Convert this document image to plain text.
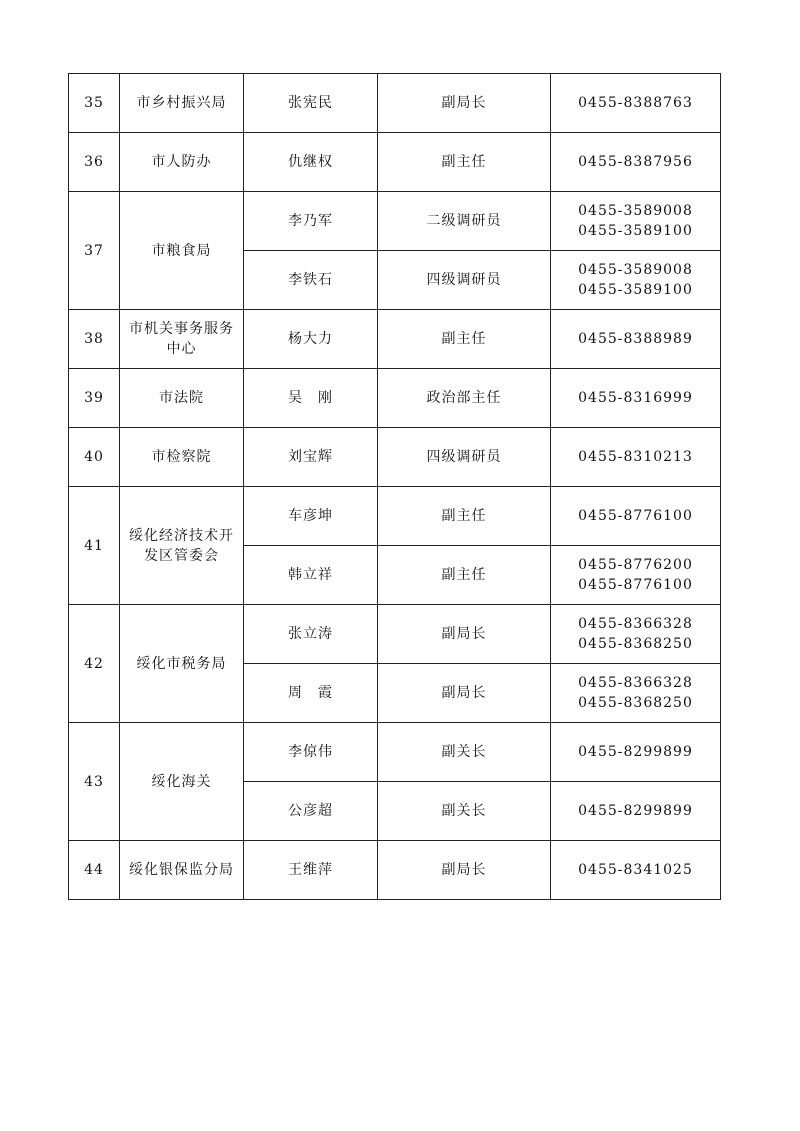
35	市乡村振兴局	张宪民	副局长	0455-8388763

36	市人防办	仇继权	副主任	0455-8387956

37	市粮食局	李乃军	二级调研员	0455-3589008
0455-3589100

		李铁石	四级调研员	0455-3589008
0455-3589100

38	市机关事务服务中心	杨大力	副主任	0455-8388989

39	市法院	吴　刚	政治部主任	0455-8316999

40	市检察院	刘宝辉	四级调研员	0455-8310213

41	绥化经济技术开发区管委会	车彦坤	副主任	0455-8776100

		韩立祥	副主任	0455-8776200
0455-8776100

42	绥化市税务局	张立涛	副局长	0455-8366328
0455-8368250

		周　霞	副局长	0455-8366328
0455-8368250

43	绥化海关	李倞伟	副关长	0455-8299899

		公彦超	副关长	0455-8299899

44	绥化银保监分局	王维萍	副局长	0455-8341025
